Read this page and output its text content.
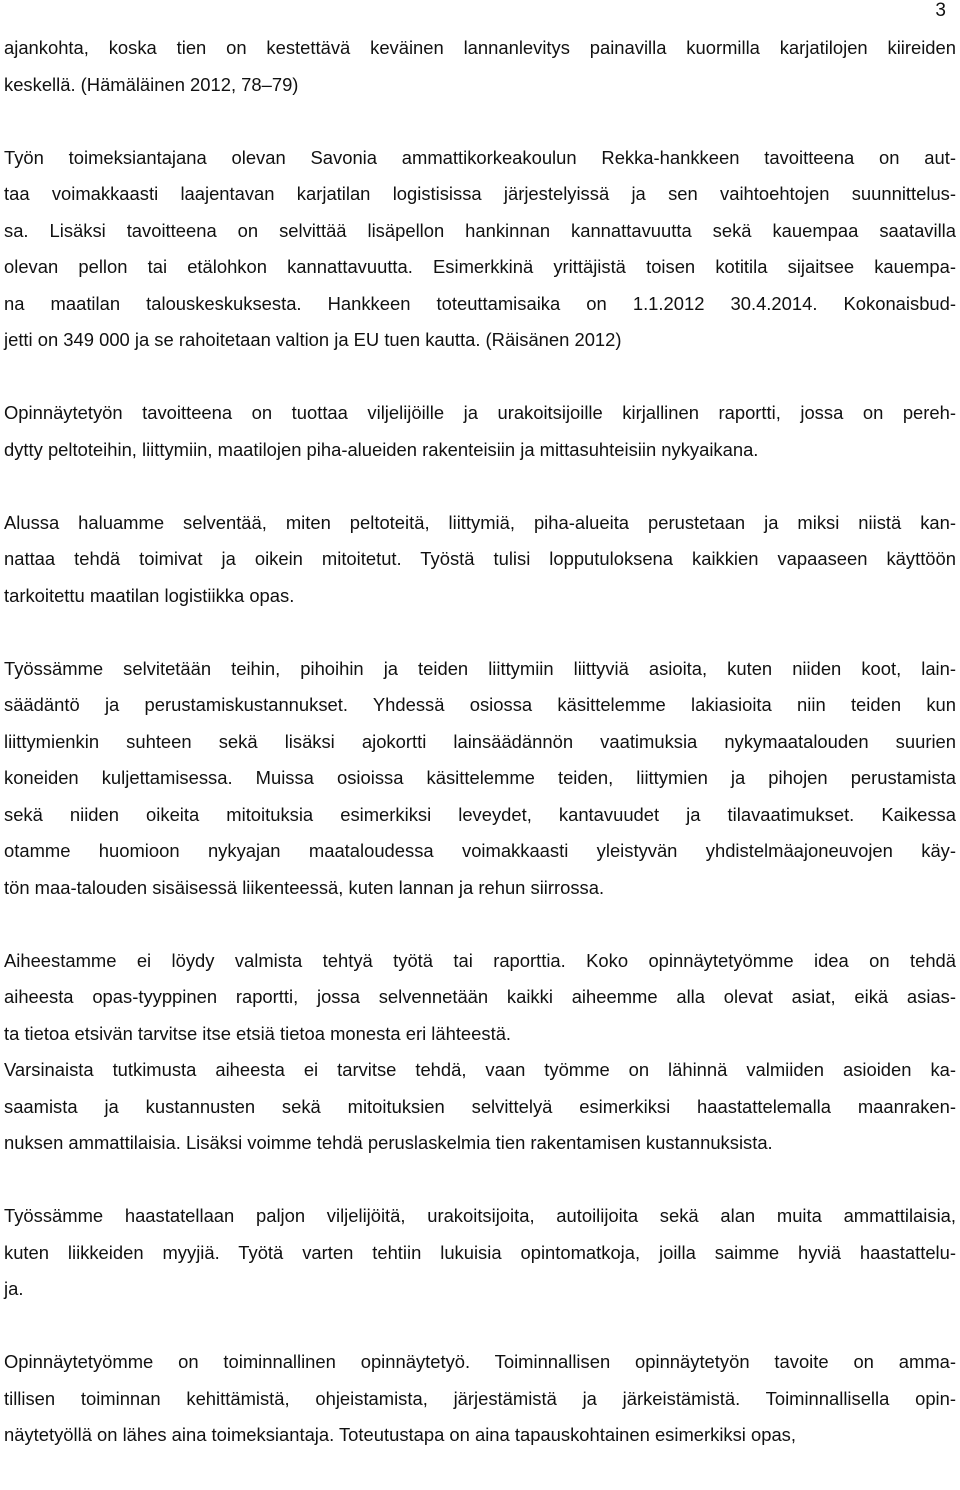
3
ajankohta, koska tien on kestettävä keväinen lannanlevitys painavilla kuormilla karjatilojen kiireiden
keskellä. (Hämäläinen 2012, 78–79)
Työn toimeksiantajana olevan Savonia ammattikorkeakoulun Rekka-hankkeen tavoitteena on aut-
taa voimakkaasti laajentavan karjatilan logistisissa järjestelyissä ja sen vaihtoehtojen suunnittelus-
sa. Lisäksi tavoitteena on selvittää lisäpellon hankinnan kannattavuutta sekä kauempaa saatavilla
olevan pellon tai etälohkon kannattavuutta. Esimerkkinä yrittäjistä toisen kotitila sijaitsee kauempa-
na maatilan talouskeskuksesta. Hankkeen toteuttamisaika on 1.1.2012 30.4.2014. Kokonaisbud-
jetti on 349 000 ja se rahoitetaan valtion ja EU tuen kautta. (Räisänen 2012)
Opinnäytetyön tavoitteena on tuottaa viljelijöille ja urakoitsijoille kirjallinen raportti, jossa on pereh-
dytty peltoteihin, liittymiin, maatilojen piha-alueiden rakenteisiin ja mittasuhteisiin nykyaikana.
Alussa haluamme selventää, miten peltoteitä, liittymiä, piha-alueita perustetaan ja miksi niistä kan-
nattaa tehdä toimivat ja oikein mitoitetut. Työstä tulisi lopputuloksena kaikkien vapaaseen käyttöön
tarkoitettu maatilan logistiikka opas.
Työssämme selvitetään teihin, pihoihin ja teiden liittymiin liittyviä asioita, kuten niiden koot, lain-
säädäntö ja perustamiskustannukset. Yhdessä osiossa käsittelemme lakiasioita niin teiden kun
liittymienkin suhteen sekä lisäksi ajokortti lainsäädännön vaatimuksia nykymaatalouden suurien
koneiden kuljettamisessa. Muissa osioissa käsittelemme teiden, liittymien ja pihojen perustamista
sekä niiden oikeita mitoituksia esimerkiksi leveydet, kantavuudet ja tilavaatimukset. Kaikessa
otamme huomioon nykyajan maataloudessa voimakkaasti yleistyvän yhdistelmäajoneuvojen käy-
tön maa-talouden sisäisessä liikenteessä, kuten lannan ja rehun siirrossa.
Aiheestamme ei löydy valmista tehtyä työtä tai raporttia. Koko opinnäytetyömme idea on tehdä
aiheesta opas-tyyppinen raportti, jossa selvennetään kaikki aiheemme alla olevat asiat, eikä asias-
ta tietoa etsivän tarvitse itse etsiä tietoa monesta eri lähteestä.
Varsinaista tutkimusta aiheesta ei tarvitse tehdä, vaan työmme on lähinnä valmiiden asioiden ka-
saamista ja kustannusten sekä mitoituksien selvittelyä esimerkiksi haastattelemalla maanraken-
nuksen ammattilaisia. Lisäksi voimme tehdä peruslaskelmia tien rakentamisen kustannuksista.
Työssämme haastatellaan paljon viljelijöitä, urakoitsijoita, autoilijoita sekä alan muita ammattilaisia,
kuten liikkeiden myyjiä. Työtä varten tehtiin lukuisia opintomatkoja, joilla saimme hyviä haastattelu-
ja.
Opinnäytetyömme on toiminnallinen opinnäytetyö. Toiminnallisen opinnäytetyön tavoite on amma-
tillisen toiminnan kehittämistä, ohjeistamista, järjestämistä ja järkeistämistä. Toiminnallisella opin-
näytetyöllä on lähes aina toimeksiantaja. Toteutustapa on aina tapauskohtainen esimerkiksi opas,
